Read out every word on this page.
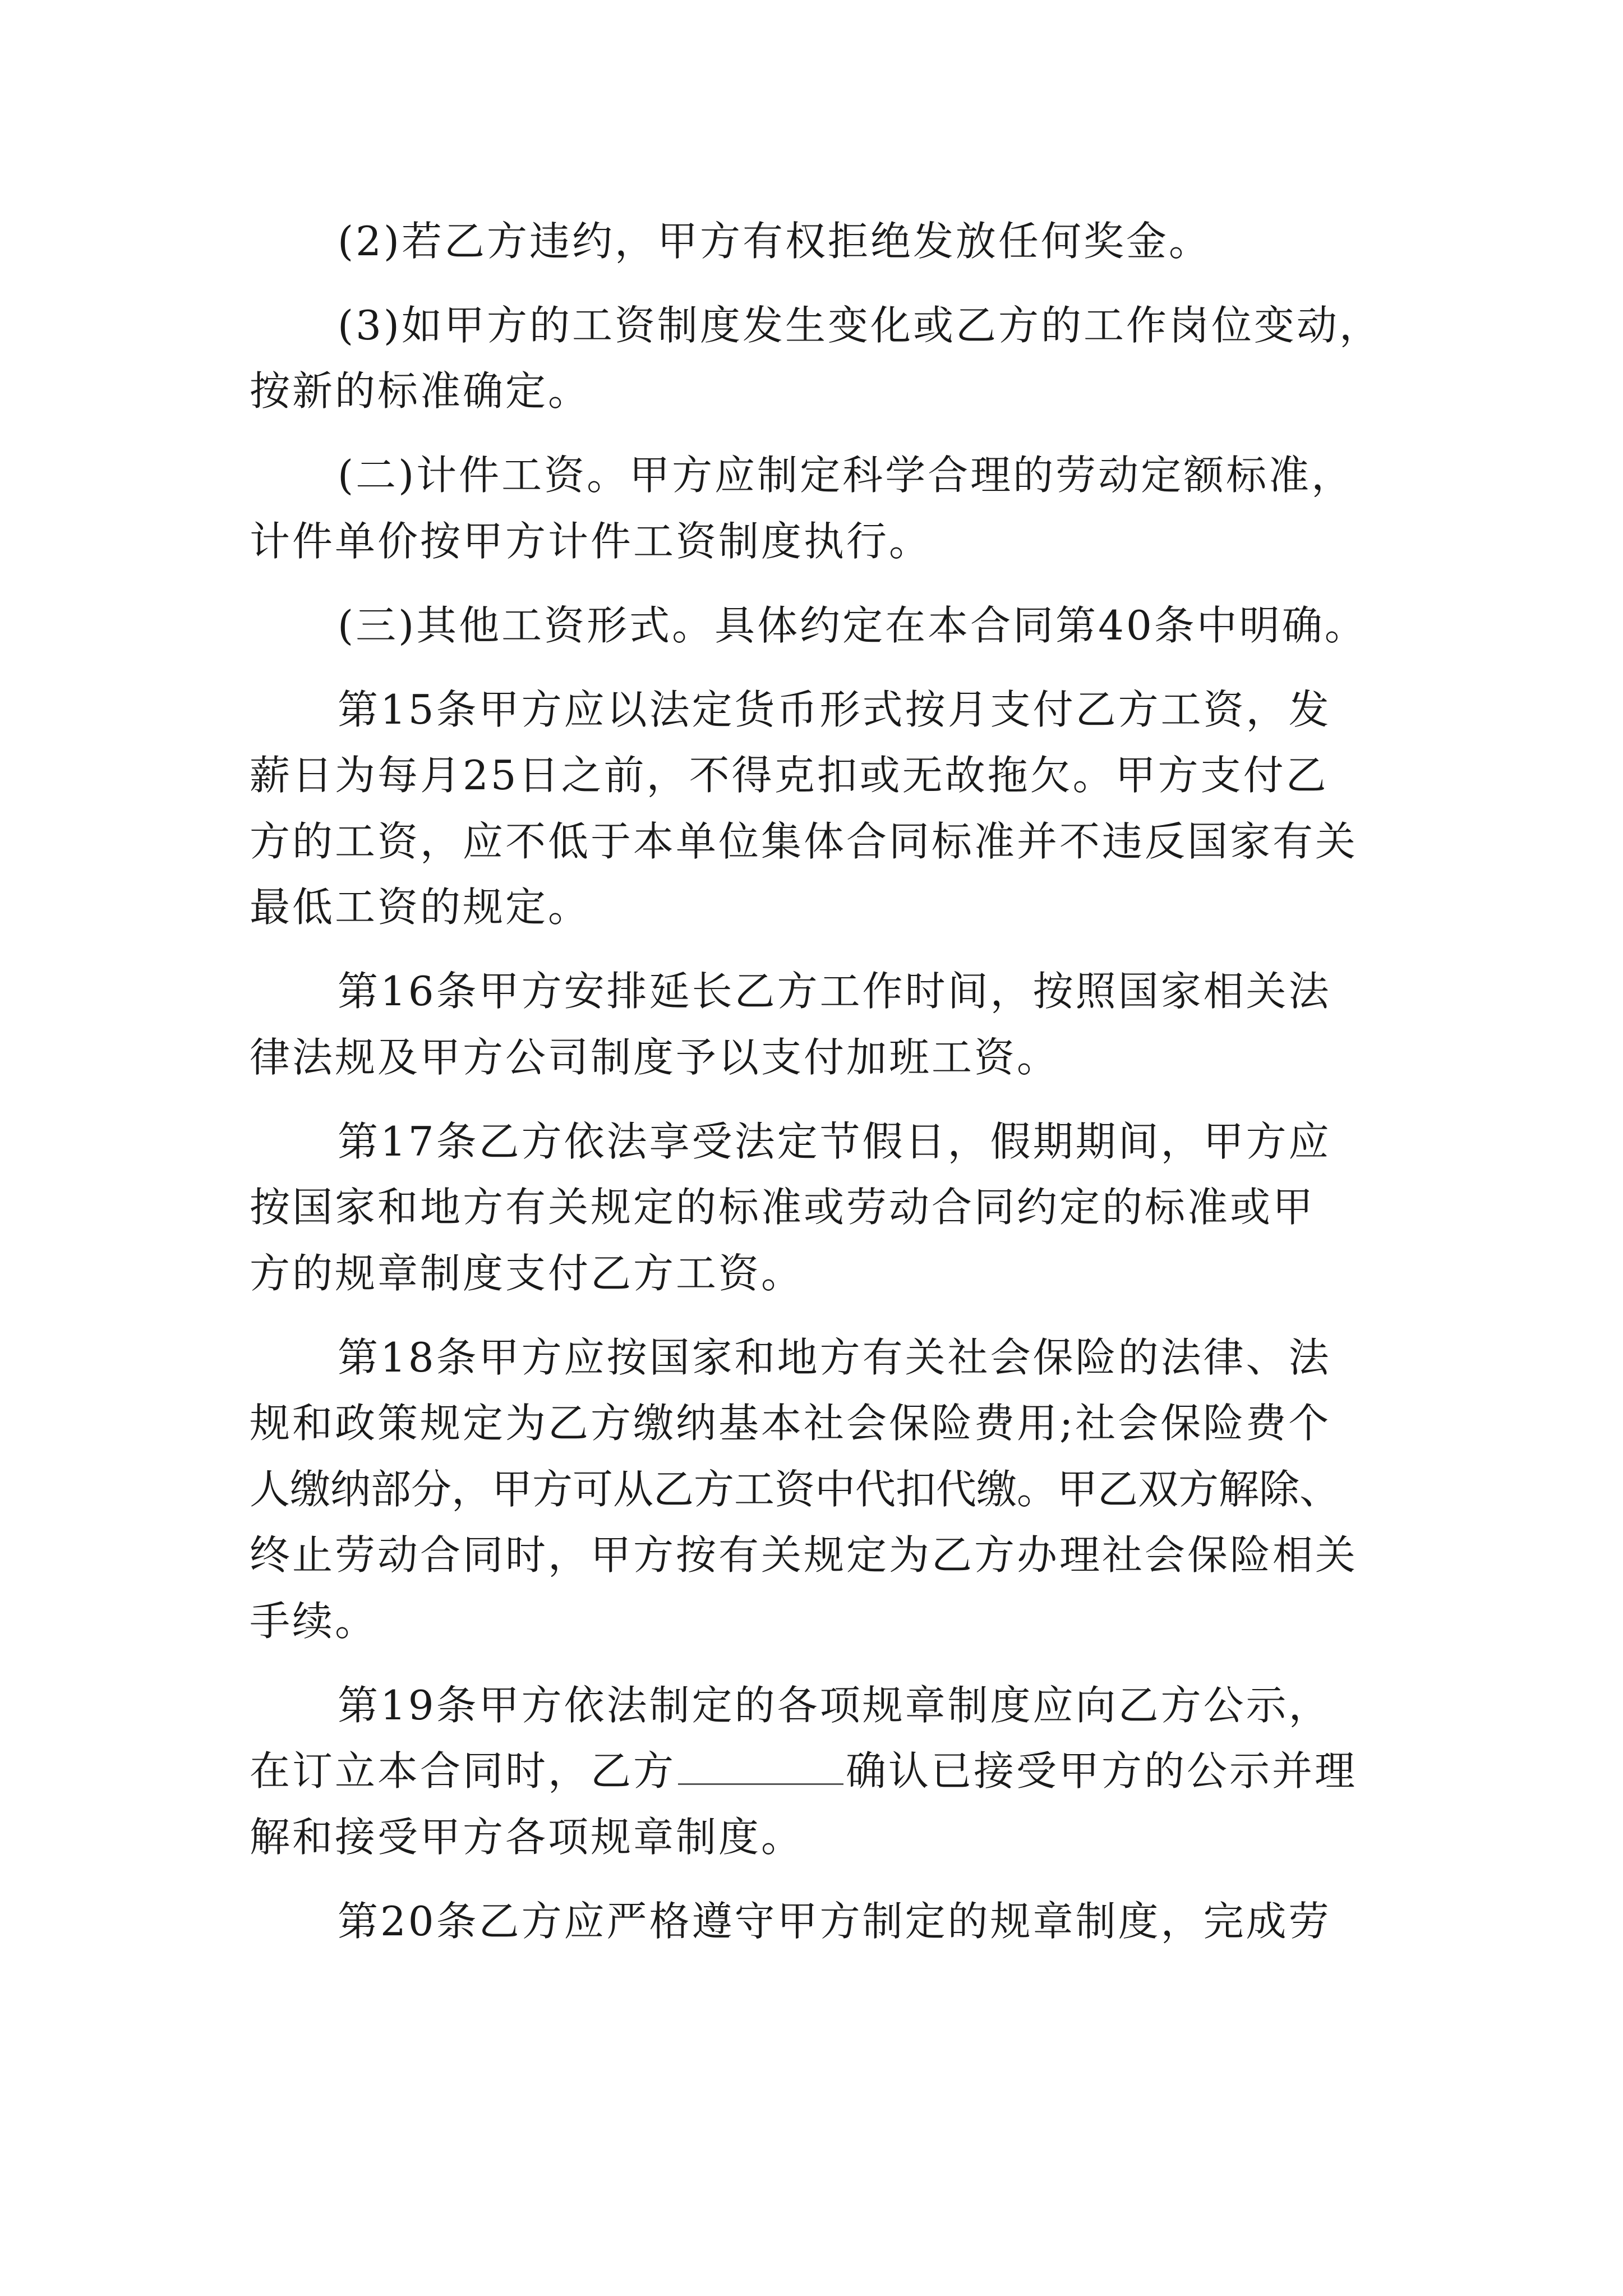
(2)若乙方违约，甲方有权拒绝发放任何奖金。
(3)如甲方的工资制度发生变化或乙方的工作岗位变动，
按新的标准确定。
(二)计件工资。甲方应制定科学合理的劳动定额标准，
计件单价按甲方计件工资制度执行。
(三)其他工资形式。具体约定在本合同第40条中明确。
第15条甲方应以法定货币形式按月支付乙方工资，发
薪日为每月25日之前，不得克扣或无故拖欠。甲方支付乙
方的工资，应不低于本单位集体合同标准并不违反国家有关
最低工资的规定。
第16条甲方安排延长乙方工作时间，按照国家相关法
律法规及甲方公司制度予以支付加班工资。
第17条乙方依法享受法定节假日，假期期间，甲方应
按国家和地方有关规定的标准或劳动合同约定的标准或甲
方的规章制度支付乙方工资。
第18条甲方应按国家和地方有关社会保险的法律、法
规和政策规定为乙方缴纳基本社会保险费用;社会保险费个
人缴纳部分，甲方可从乙方工资中代扣代缴。甲乙双方解除、
终止劳动合同时，甲方按有关规定为乙方办理社会保险相关
手续。
第19条甲方依法制定的各项规章制度应向乙方公示，
在订立本合同时，乙方	确认已接受甲方的公示并理
解和接受甲方各项规章制度。
第20条乙方应严格遵守甲方制定的规章制度，完成劳
